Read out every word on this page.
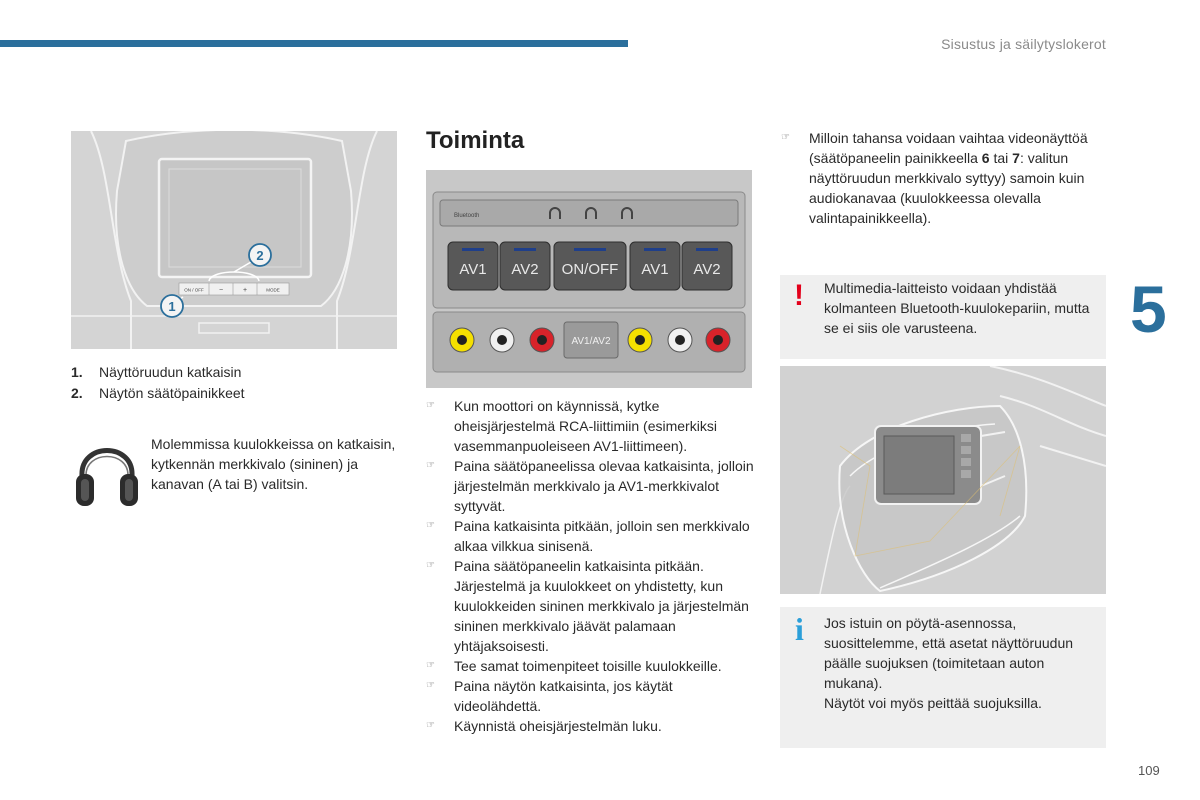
Sisustus ja säilytyslokerot
5
109
ON / OFF −	+	MODE
2
1
1. Näyttöruudun katkaisin
2. Näytön säätöpainikkeet
Molemmissa kuulokkeissa on katkaisin, kytkennän merkkivalo (sininen) ja kanavan (A tai B) valitsin.
Toiminta
Bluetooth
AV1 AV2 ON/OFF AV1 AV2
AV1/AV2
☞ Kun moottori on käynnissä, kytke oheisjärjestelmä RCA-liittimiin (esimerkiksi vasemmanpuoleiseen AV1-liittimeen).
☞ Paina säätöpaneelissa olevaa katkaisinta, jolloin järjestelmän merkkivalo ja AV1-merkkivalot syttyvät.
☞ Paina katkaisinta pitkään, jolloin sen merkkivalo alkaa vilkkua sinisenä.
☞ Paina säätöpaneelin katkaisinta pitkään. Järjestelmä ja kuulokkeet on yhdistetty, kun kuulokkeiden sininen merkkivalo ja järjestelmän sininen merkkivalo jäävät palamaan yhtäjaksoisesti.
☞ Tee samat toimenpiteet toisille kuulokkeille.
☞ Paina näytön katkaisinta, jos käytät videolähdettä.
☞ Käynnistä oheisjärjestelmän luku.
☞ Milloin tahansa voidaan vaihtaa videonäyttöä (säätöpaneelin painikkeella 6 tai 7: valitun näyttöruudun merkkivalo syttyy) samoin kuin audiokanavaa (kuulokkeessa olevalla valintapainikkeella).
! Multimedia-laitteisto voidaan yhdistää kolmanteen Bluetooth-kuulokepariin, mutta se ei siis ole varusteena.
i Jos istuin on pöytä-asennossa, suosittelemme, että asetat näyttöruudun päälle suojuksen (toimitetaan auton mukana).
Näytöt voi myös peittää suojuksilla.
